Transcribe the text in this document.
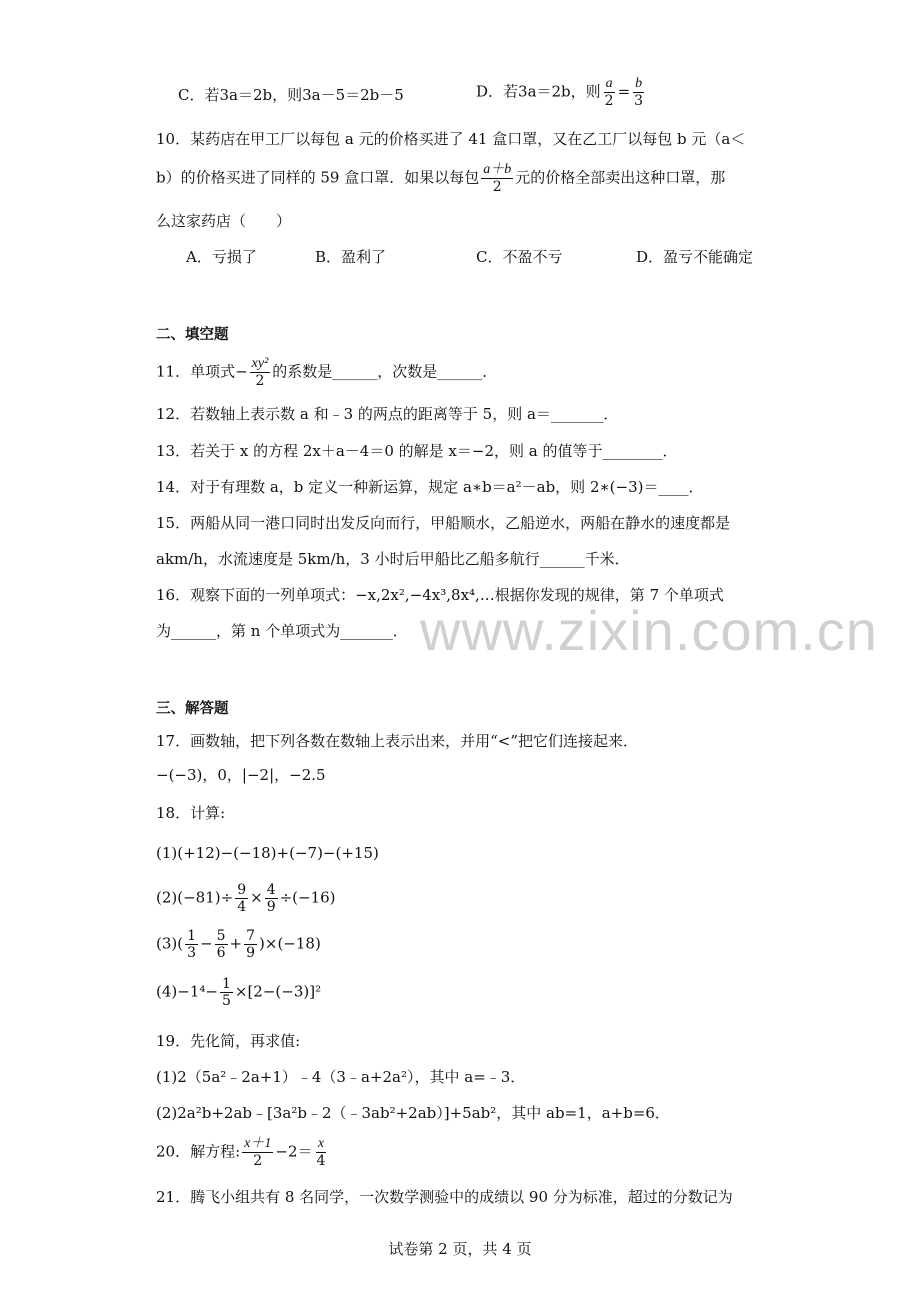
C．若3a＝2b，则3a－5＝2b－5	D．若3a＝2b，则 $\frac{a}{2} = \frac{b}{3}$
10．某药店在甲工厂以每包 a 元的价格买进了 41 盒口罩，又在乙工厂以每包 b 元（a＜
b）的价格买进了同样的 59 盒口罩．如果以每包 $\frac{a+b}{2}$ 元的价格全部卖出这种口罩，那
么这家药店（　　）
A．亏损了	B．盈利了	C．不盈不亏	D．盈亏不能确定
二、填空题
11．单项式− $\frac{\text{xy²}}{2}$ 的系数是______，次数是______．
12．若数轴上表示数 a 和﹣3 的两点的距离等于 5，则 a＝_______．
13．若关于 x 的方程 2x＋a－4＝0 的解是 x＝−2，则 a 的值等于________．
14．对于有理数 a，b 定义一种新运算，规定 a∗b＝a²－ab，则 2∗(−3)＝____．
15．两船从同一港口同时出发反向而行，甲船顺水，乙船逆水，两船在静水的速度都是
akm/h，水流速度是 5km/h，3 小时后甲船比乙船多航行______千米．
16．观察下面的一列单项式：−x,2x²,−4x³,8x⁴,…根据你发现的规律，第 7 个单项式
为______，第 n 个单项式为_______． www.zixin.com.cn
三、解答题
17．画数轴，把下列各数在数轴上表示出来，并用“<”把它们连接起来．
−(−3)，0，|−2|，−2.5
18．计算:
(1)(+12)−(−18)+(−7)−(+15)
$(2)(-81)\div \frac{9}{4} \times \frac{4}{9} \div(-16)$
$(3)( \frac{1}{3} - \frac{5}{6} + \frac{7}{9} )\times(-18)$
$(4)-1^4- \frac{1}{5} \times[2-(-3)]^2$
19．先化简，再求值:
(1)2（5a²﹣2a+1）﹣4（3﹣a+2a²），其中 a=﹣3．
(2)2a²b+2ab﹣[3a²b﹣2（﹣3ab²+2ab）]+5ab²，其中 ab=1，a+b=6．
20．解方程: $\frac{x+1}{2} -2= \frac{x}{4}$
21．腾飞小组共有 8 名同学，一次数学测验中的成绩以 90 分为标准，超过的分数记为
试卷第 2 页，共 4 页
